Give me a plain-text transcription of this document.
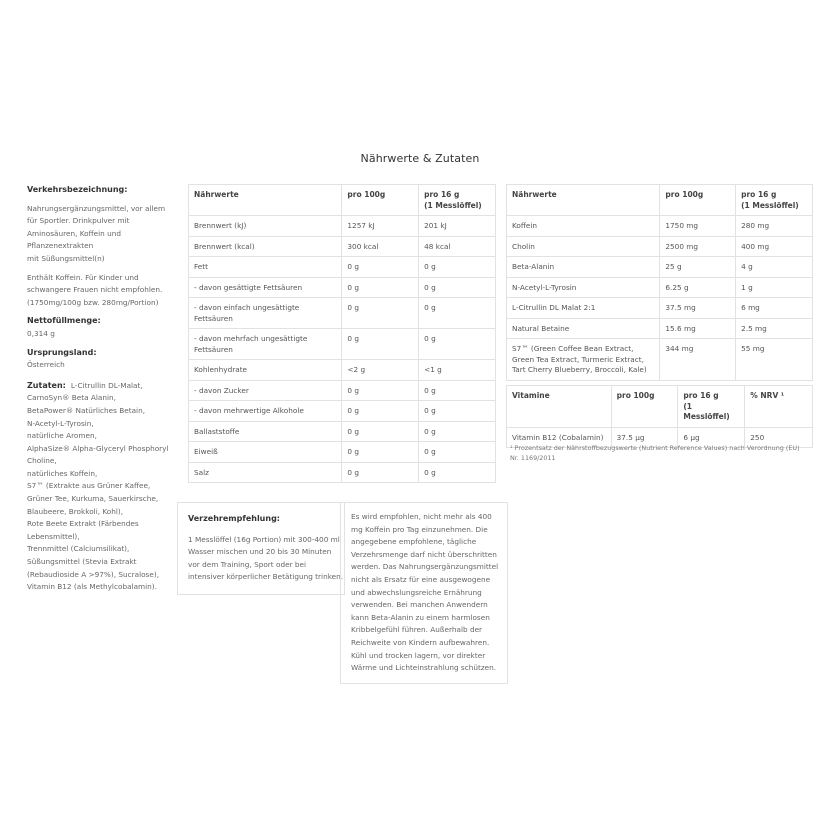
Nährwerte & Zutaten

Verkehrsbezeichnung:

Nahrungsergänzungsmittel, vor allem

für Sportler. Drinkpulver mit

Aminosäuren, Koffein und

Pflanzenextrakten

mit Süßungsmittel(n)

Enthält Koffein. Für Kinder und

schwangere Frauen nicht empfohlen.

(1750mg/100g bzw. 280mg/Portion)

Nettofüllmenge:

0,314 g

Ursprungsland:

Österreich

Zutaten: L-Citrullin DL-Malat,

CarnoSyn® Beta Alanin,

BetaPower® Natürliches Betain,

N-Acetyl-L-Tyrosin,

natürliche Aromen,

AlphaSize® Alpha-Glyceryl Phosphoryl

Choline,

natürliches Koffein,

S7™ (Extrakte aus Grüner Kaffee,

Grüner Tee, Kurkuma, Sauerkirsche,

Blaubeere, Brokkoli, Kohl),

Rote Beete Extrakt (Färbendes

Lebensmittel),

Trennmittel (Calciumsilikat),

Süßungsmittel (Stevia Extrakt

(Rebaudioside A >97%), Sucralose),

Vitamin B12 (als Methylcobalamin).

Nährwerte	pro 100g	pro 16 g
(1 Messlöffel)
Brennwert (kJ)	1257 kJ	201 kJ
Brennwert (kcal)	300 kcal	48 kcal
Fett	0 g	0 g
- davon gesättigte Fettsäuren	0 g	0 g
- davon einfach ungesättigte Fettsäuren	0 g	0 g
- davon mehrfach ungesättigte Fettsäuren	0 g	0 g
Kohlenhydrate	<2 g	<1 g
- davon Zucker	0 g	0 g
- davon mehrwertige Alkohole	0 g	0 g
Ballaststoffe	0 g	0 g
Eiweiß	0 g	0 g
Salz	0 g	0 g
Nährwerte	pro 100g	pro 16 g
(1 Messlöffel)
Koffein	1750 mg	280 mg
Cholin	2500 mg	400 mg
Beta-Alanin	25 g	4 g
N-Acetyl-L-Tyrosin	6.25 g	1 g
L-Citrullin DL Malat 2:1	37.5 mg	6 mg
Natural Betaine	15.6 mg	2.5 mg
S7™ (Green Coffee Bean Extract, Green Tea Extract, Turmeric Extract, Tart Cherry Blueberry, Broccoli, Kale)	344 mg	55 mg
Vitamine	pro 100g	pro 16 g
(1 Messlöffel)	% NRV ¹
Vitamin B12 (Cobalamin)	37.5 µg	6 µg	250
¹ Prozentsatz der Nährstoffbezugswerte (Nutrient Reference Values) nach Verordnung (EU) Nr. 1169/2011
Verzehrempfehlung:
1 Messlöffel (16g Portion) mit 300-400 ml Wasser mischen und 20 bis 30 Minuten vor dem Training, Sport oder bei intensiver körperlicher Betätigung trinken.
Es wird empfohlen, nicht mehr als 400 mg Koffein pro Tag einzunehmen. Die angegebene empfohlene, tägliche Verzehrsmenge darf nicht überschritten werden. Das Nahrungsergänzungsmittel nicht als Ersatz für eine ausgewogene und abwechslungsreiche Ernährung verwenden. Bei manchen Anwendern kann Beta-Alanin zu einem harmlosen Kribbelgefühl führen. Außerhalb der Reichweite von Kindern aufbewahren. Kühl und trocken lagern, vor direkter Wärme und Lichteinstrahlung schützen.
